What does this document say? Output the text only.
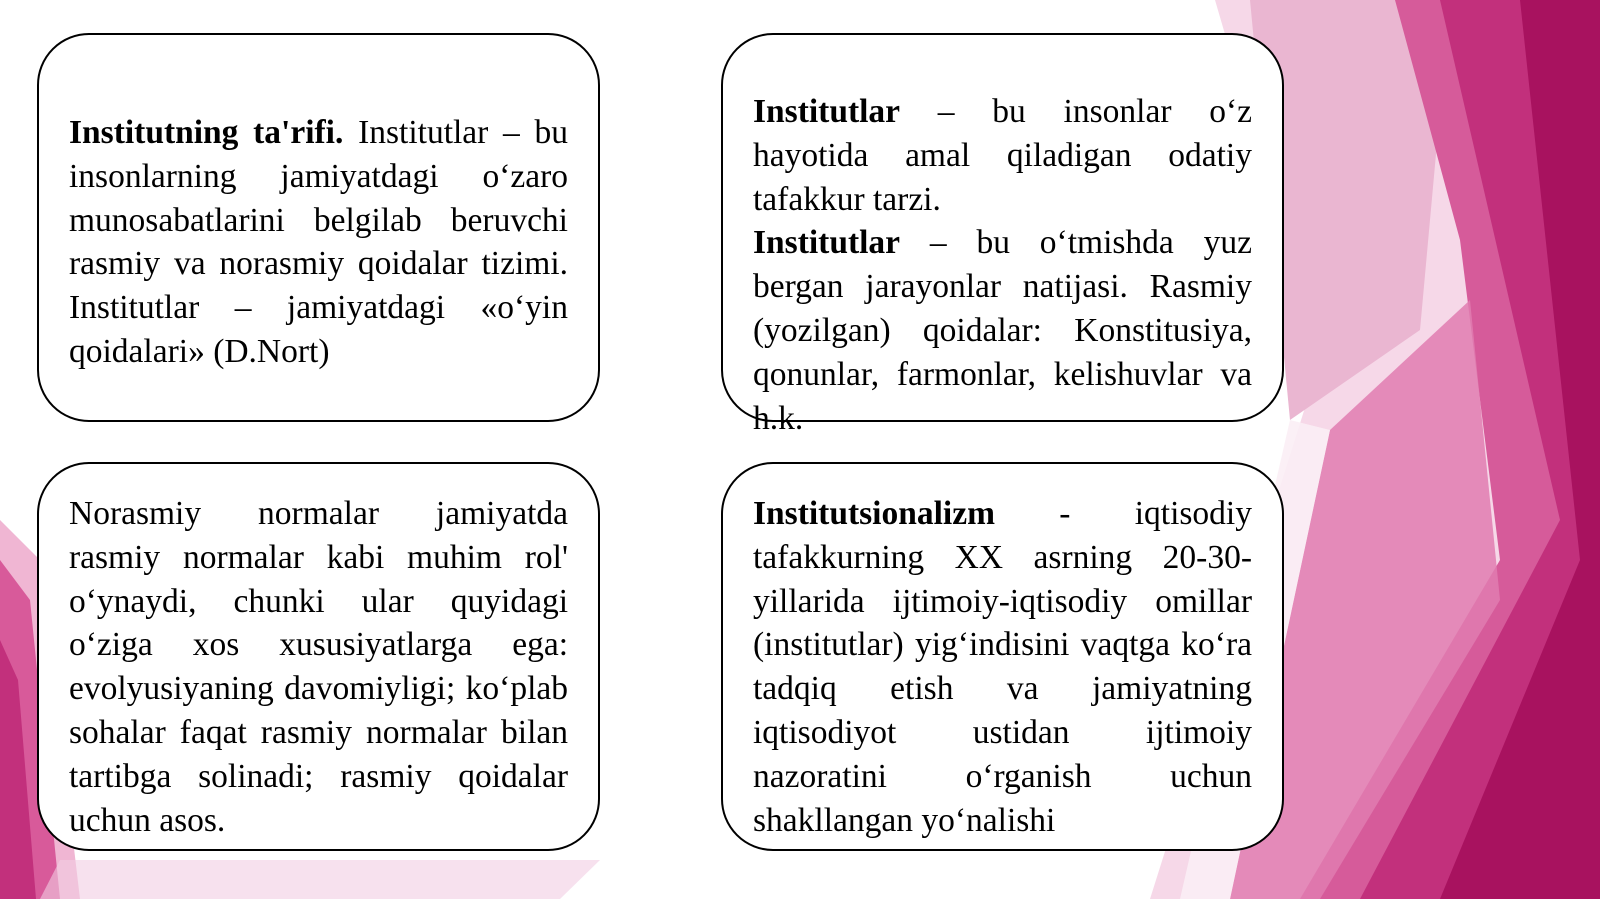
Institutning ta'rifi. Institutlar – bu insonlarning jamiyatdagi o‘zaro munosabatlarini belgilab beruvchi rasmiy va norasmiy qoidalar tizimi. Institutlar – jamiyatdagi «o‘yin qoidalari» (D.Nort)

Institutlar – bu insonlar o‘z hayotida amal qiladigan odatiy tafakkur tarzi.

Institutlar – bu o‘tmishda yuz bergan jarayonlar natijasi. Rasmiy (yozilgan) qoidalar: Konstitusiya, qonunlar, farmonlar, kelishuvlar va h.k.

Norasmiy normalar jamiyatda rasmiy normalar kabi muhim rol' o‘ynaydi, chunki ular quyidagi o‘ziga xos xususiyatlarga ega: evolyusiyaning davomiyligi; ko‘plab sohalar faqat rasmiy normalar bilan tartibga solinadi; rasmiy qoidalar uchun asos.

Institutsionalizm - iqtisodiy tafakkurning XX asrning 20-30-yillarida ijtimoiy-iqtisodiy omillar (institutlar) yig‘indisini vaqtga ko‘ra tadqiq etish va jamiyatning iqtisodiyot ustidan ijtimoiy nazoratini o‘rganish uchun shakllangan yo‘nalishi
